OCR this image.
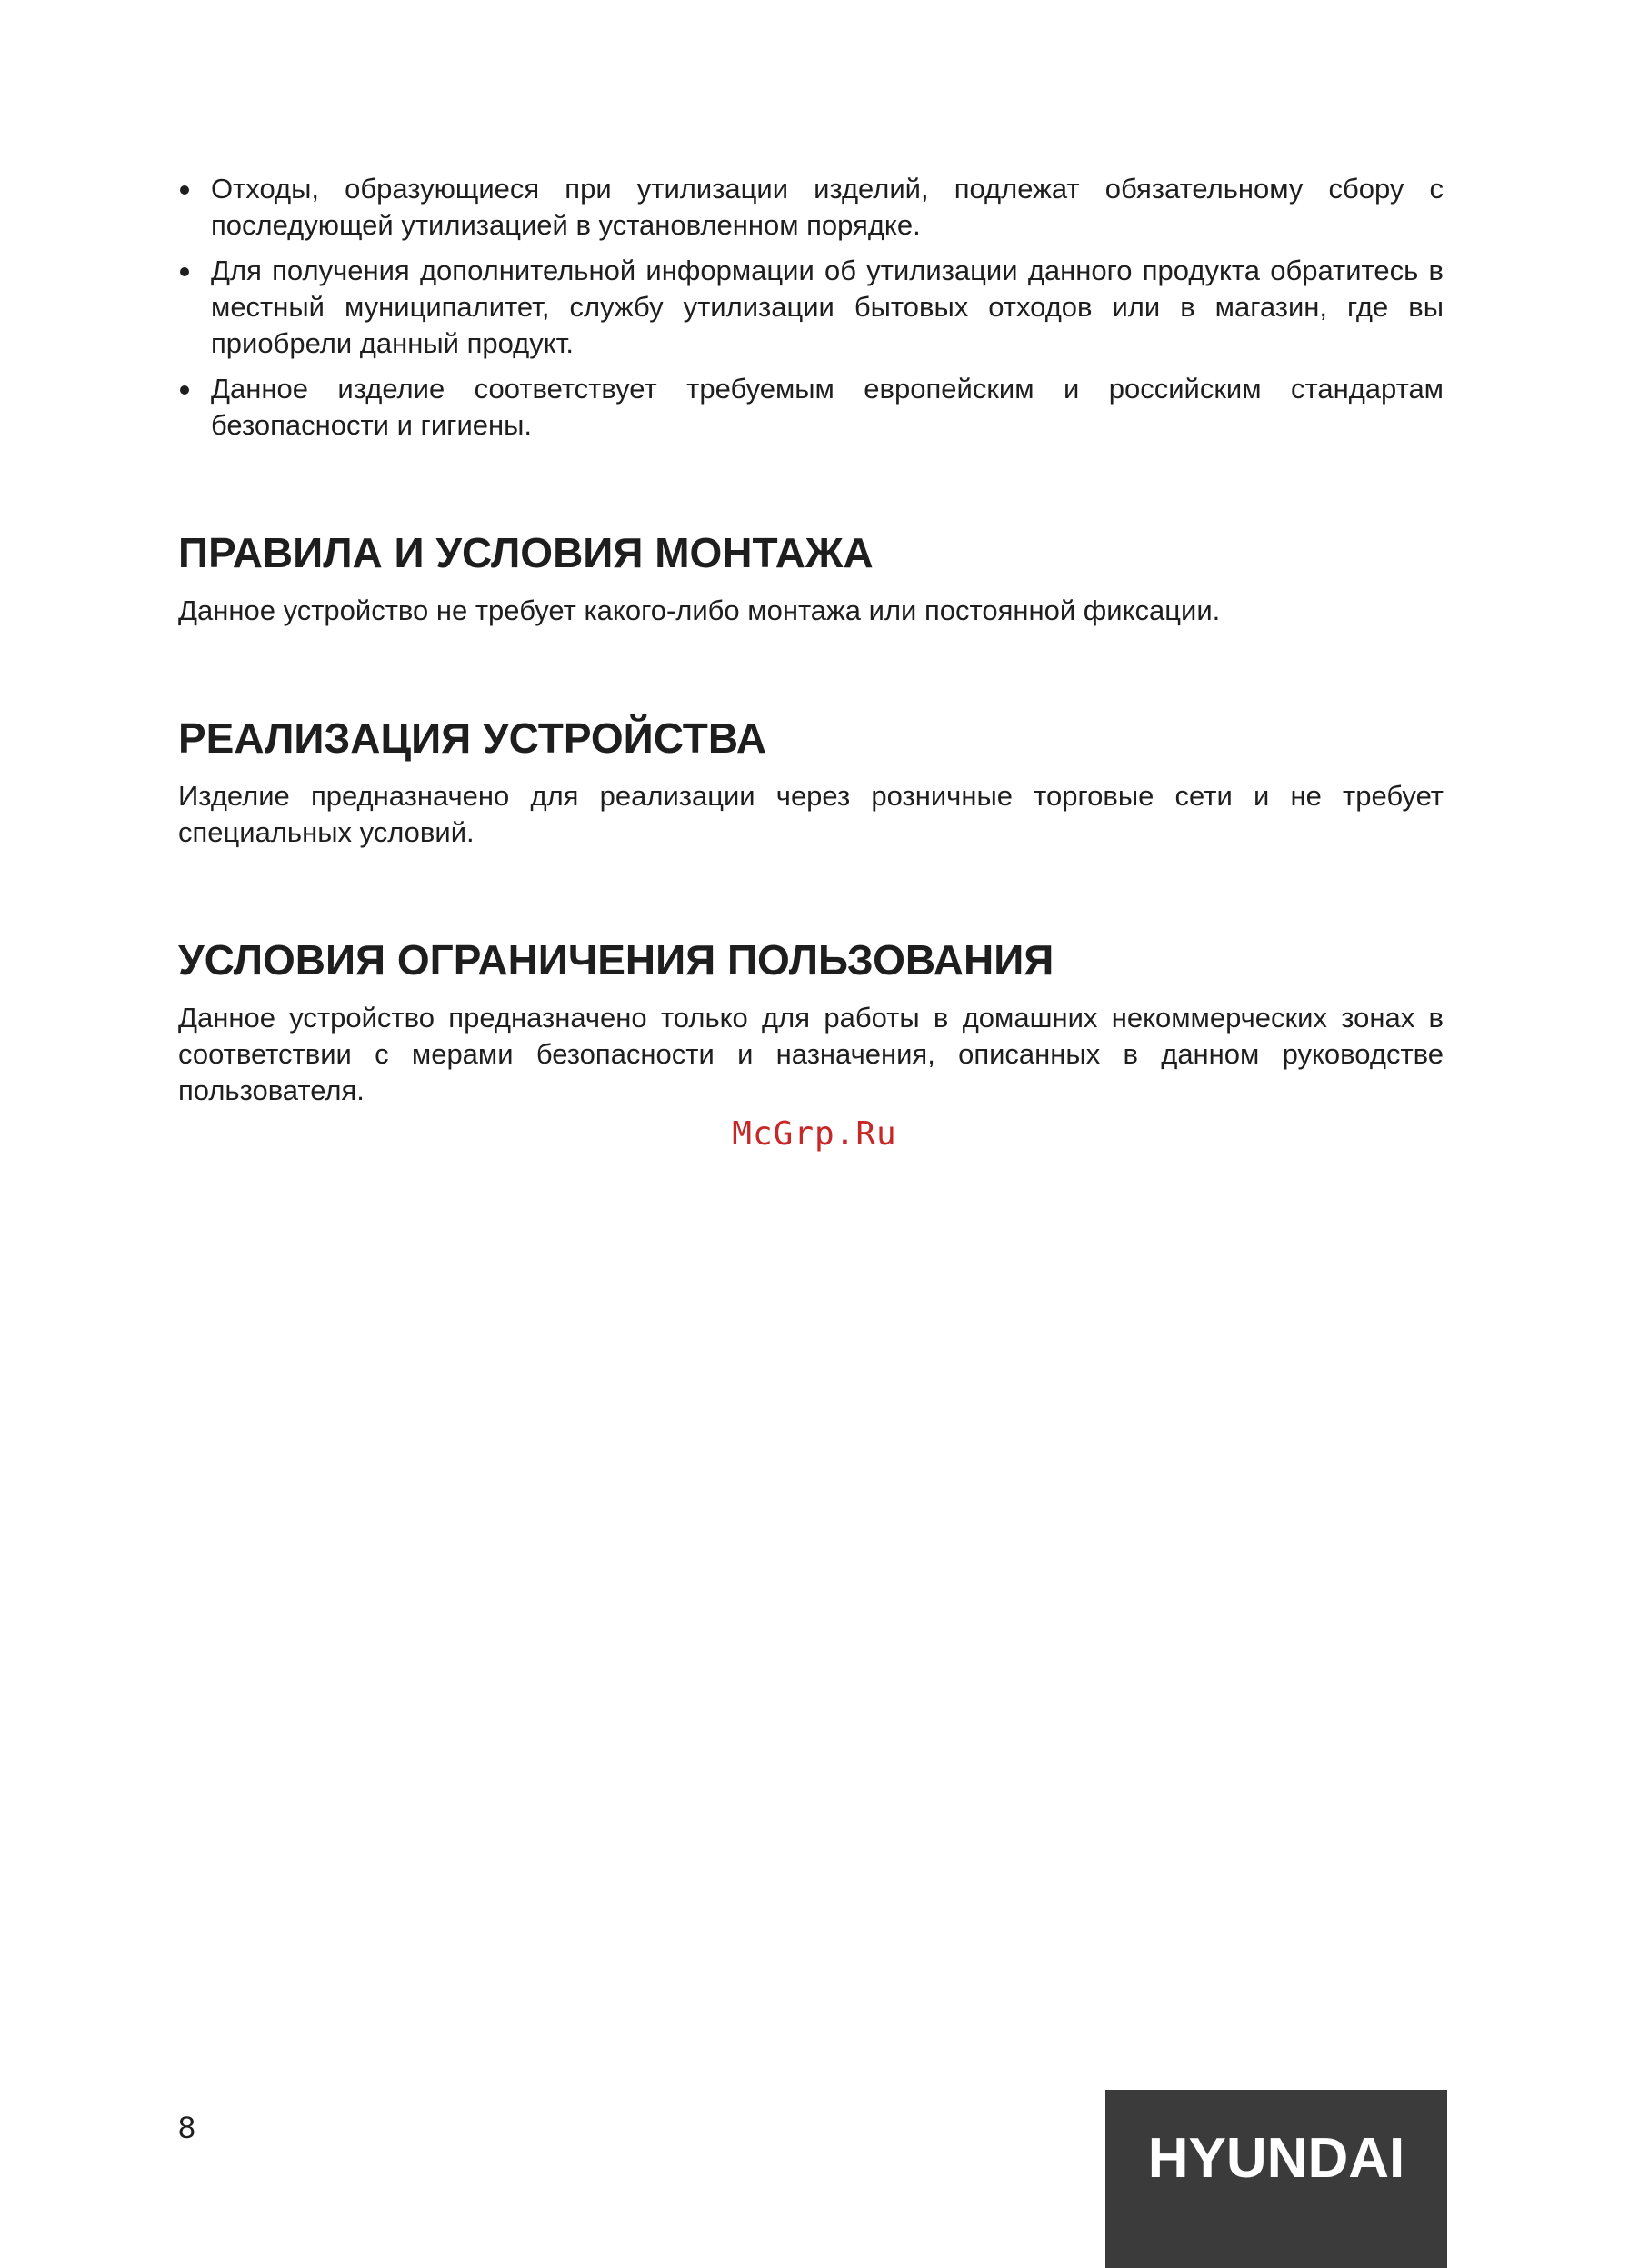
Отходы, образующиеся при утилизации изделий, подлежат обязательному сбору с последующей утилизацией в установленном порядке.
Для получения дополнительной информации об утилизации данного продукта обратитесь в местный муниципалитет, службу утилизации бытовых отходов или в магазин, где вы приобрели данный продукт.
Данное изделие соответствует требуемым европейским и российским стандартам безопасности и гигиены.
ПРАВИЛА И УСЛОВИЯ МОНТАЖА

Данное устройство не требует какого-либо монтажа или постоянной фиксации.

РЕАЛИЗАЦИЯ УСТРОЙСТВА

Изделие предназначено для реализации через розничные торговые сети и не требует специальных условий.

УСЛОВИЯ ОГРАНИЧЕНИЯ ПОЛЬЗОВАНИЯ

Данное устройство предназначено только для работы в домашних некоммерческих зонах в соответствии с мерами безопасности и назначения, описанных в данном руководстве пользователя.

McGrp.Ru
8	HYUNDAI
